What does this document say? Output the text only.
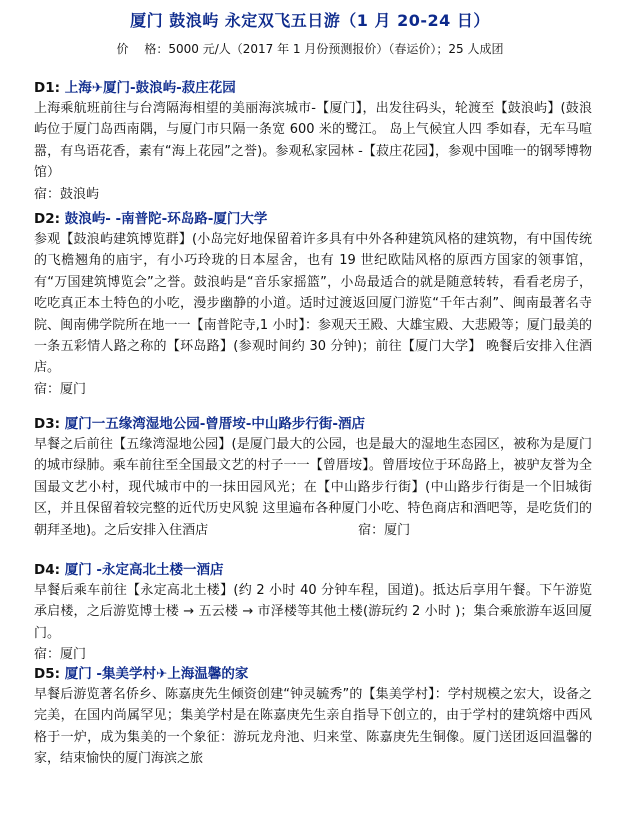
厦门 鼓浪屿 永定双飞五日游（1 月 20-24 日）
价　 格：5000 元/人（2017 年 1 月份预测报价）（春运价）；25 人成团
D1: 上海✈厦门-鼓浪屿-菽庄花园
上海乘航班前往与台湾隔海相望的美丽海滨城市-【厦门】，出发往码头，轮渡至【鼓浪屿】(鼓浪屿位于厦门岛西南隅，与厦门市只隔一条宽 600 米的鹭江。 岛上气候宜人四 季如春，无车马喧嚣，有鸟语花香，素有“海上花园”之誉)。参观私家园林 -【菽庄花园】，参观中国唯一的钢琴博物馆）
宿：鼓浪屿
D2: 鼓浪屿- -南普陀-环岛路-厦门大学
参观【鼓浪屿建筑博览群】(小岛完好地保留着许多具有中外各种建筑风格的建筑物，有中国传统的飞檐翘角的庙宇，有小巧玲珑的日本屋舍，也有 19 世纪欧陆风格的原西方国家的领事馆，有“万国建筑博览会”之誉。鼓浪屿是“音乐家摇篮”，小岛最适合的就是随意转转，看看老房子，吃吃真正本土特色的小吃，漫步幽静的小道。适时过渡返回厦门游览“千年古刹”、闽南最著名寺院、闽南佛学院所在地一一【南普陀寺,1 小时】：参观天王殿、大雄宝殿、大悲殿等；厦门最美的一条五彩情人路之称的【环岛路】(参观时间约 30 分钟)；前往【厦门大学】 晚餐后安排入住酒店。
宿：厦门
D3: 厦门一五缘湾湿地公园-曾厝垵-中山路步行街-酒店
早餐之后前往【五缘湾湿地公园】(是厦门最大的公园，也是最大的湿地生态园区，被称为是厦门的城市绿肺。乘车前往至全国最文艺的村子一一【曾厝垵】。曾厝垵位于环岛路上，被驴友誉为全国最文艺小村，现代城市中的一抹田园风光；在【中山路步行街】(中山路步行街是一个旧城街区，并且保留着较完整的近代历史风貌 这里遍布各种厦门小吃、特色商店和酒吧等，是吃货们的朝拜圣地)。之后安排入住酒店	宿：厦门
D4: 厦门 -永定高北土楼一酒店
早餐后乘车前往【永定高北土楼】(约 2 小时 40 分钟车程，国道)。抵达后享用午餐。下午游览承启楼，之后游览博士楼 → 五云楼 → 市泽楼等其他土楼(游玩约 2 小时 )；集合乘旅游车返回厦门。
宿：厦门
D5: 厦门 -集美学村✈上海温馨的家
早餐后游览著名侨乡、陈嘉庚先生倾资创建“钟灵毓秀”的【集美学村】：学村规模之宏大，设备之完美，在国内尚属罕见；集美学村是在陈嘉庚先生亲自指导下创立的，由于学村的建筑熔中西风格于一炉，成为集美的一个象征：游玩龙舟池、归来堂、陈嘉庚先生铜像。厦门送团返回温馨的家，结束愉快的厦门海滨之旅
